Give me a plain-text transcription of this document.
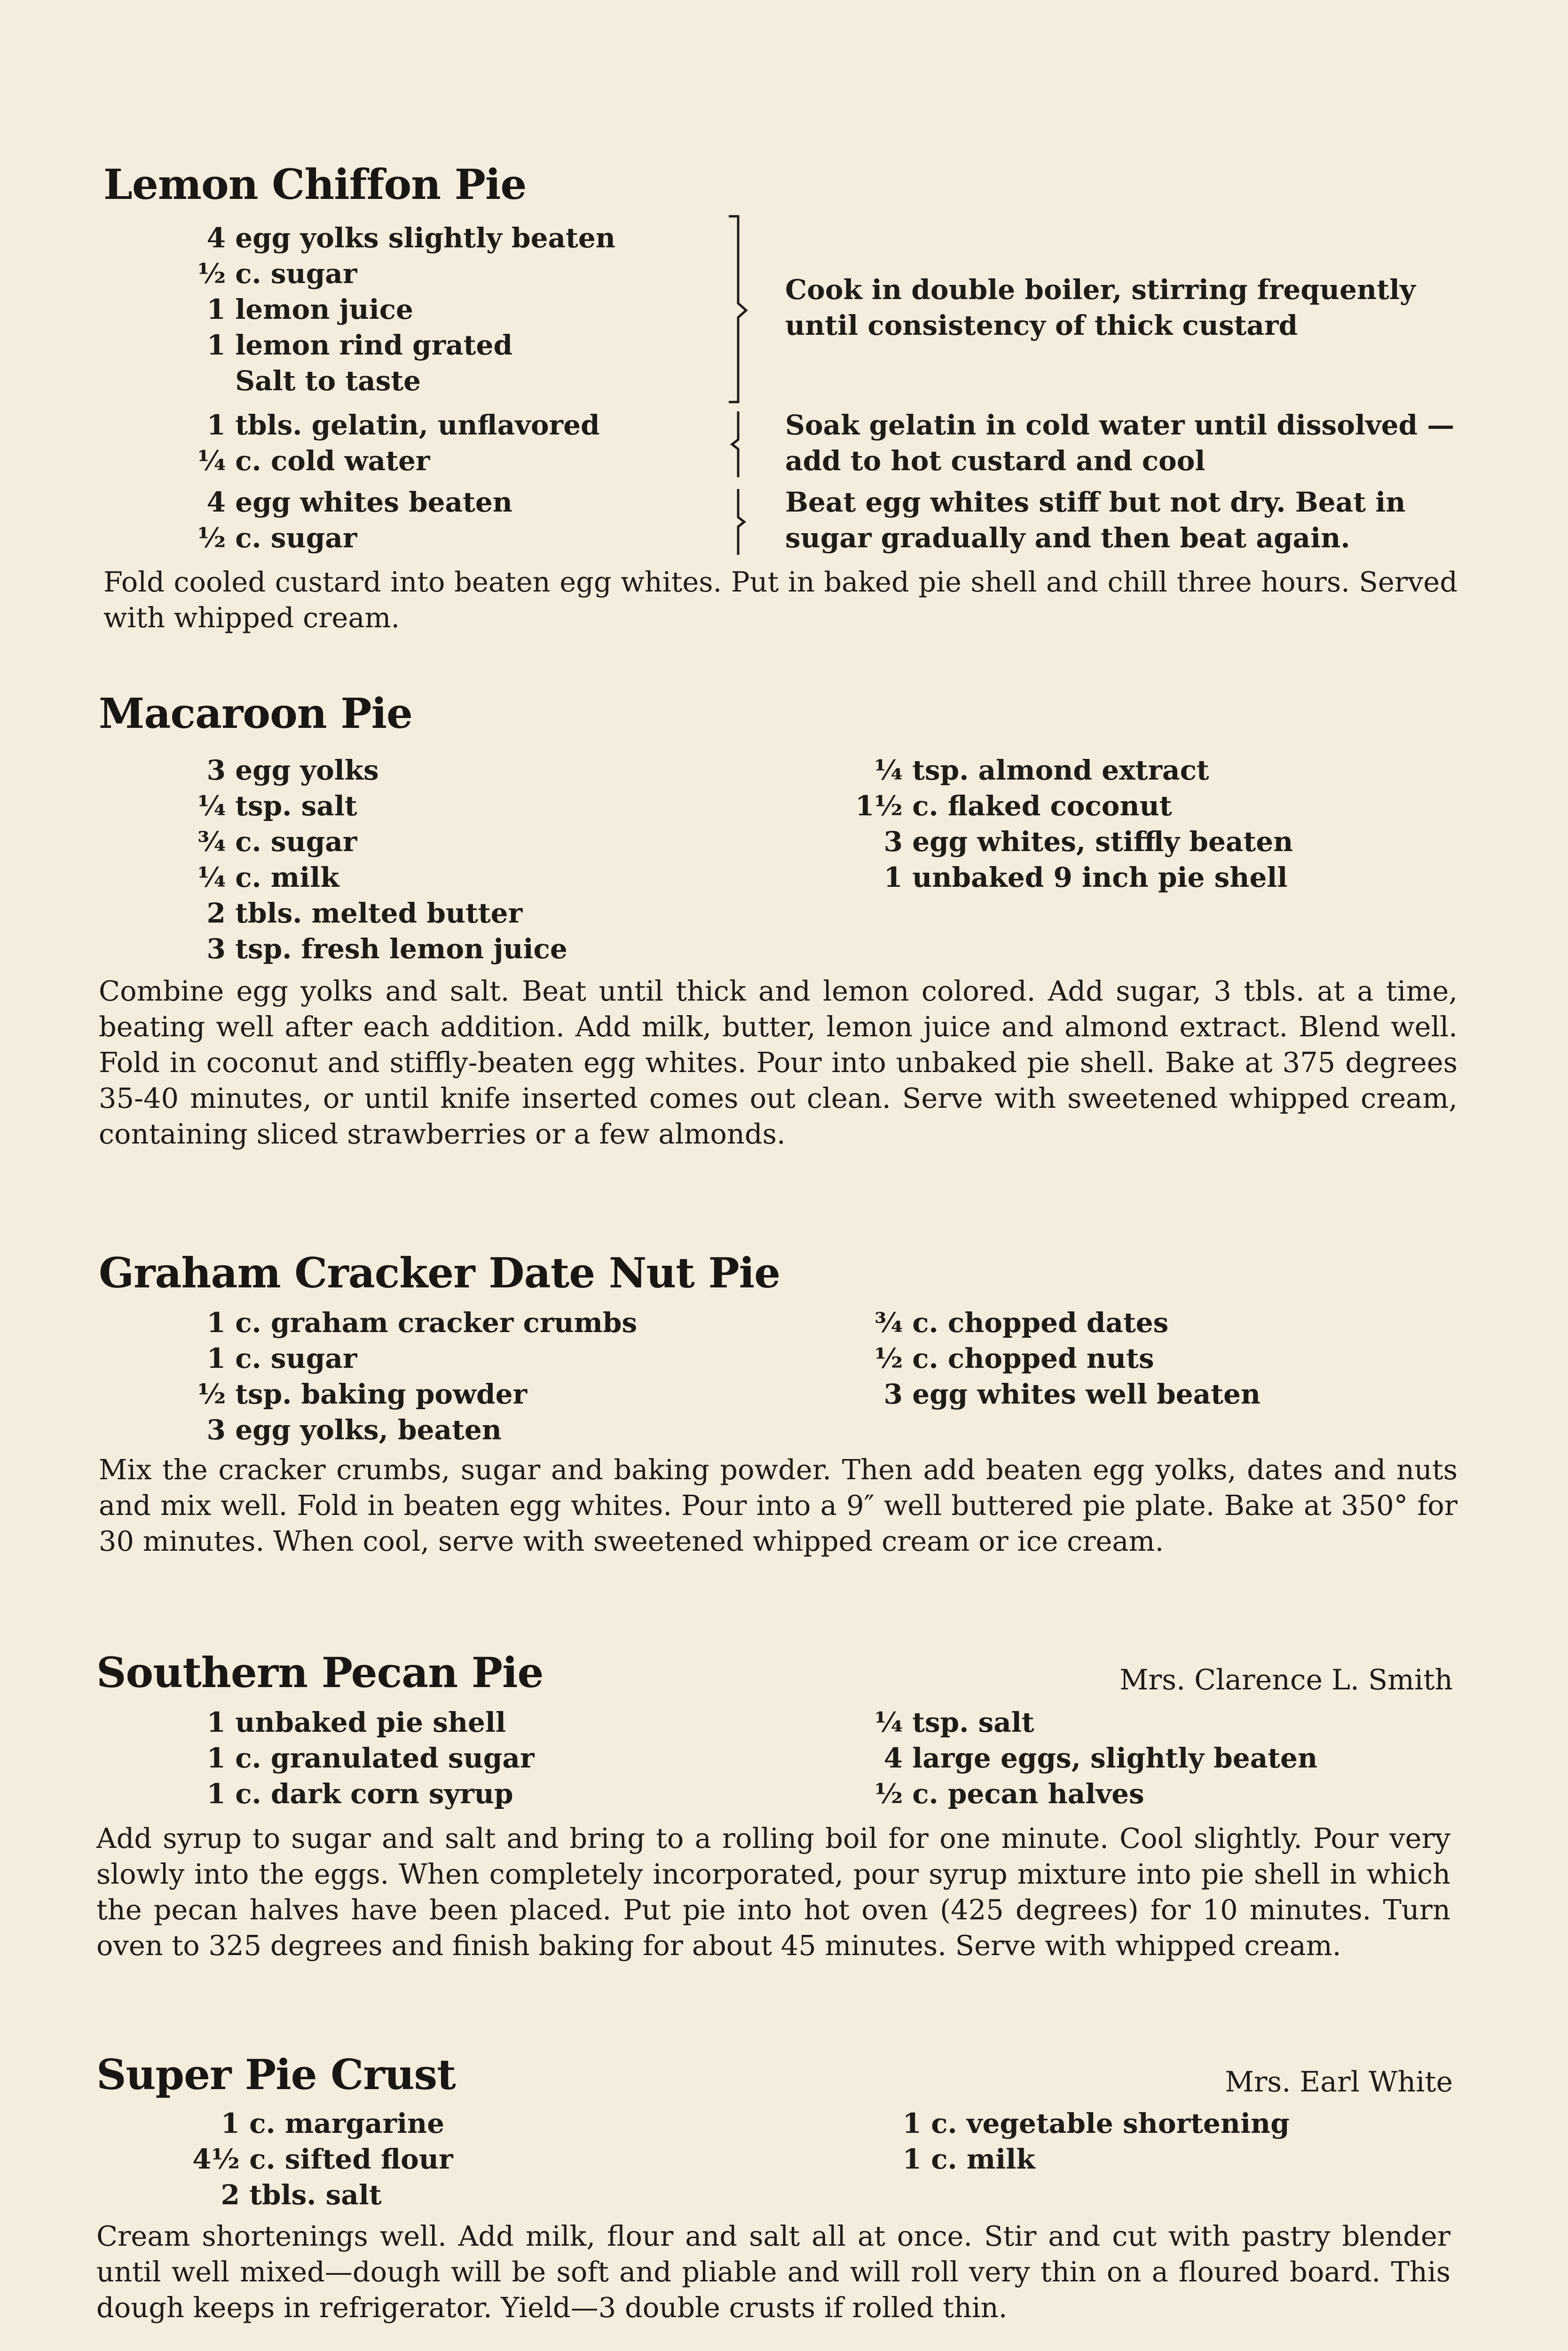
Lemon Chiffon Pie
4 egg yolks slightly beaten
½ c. sugar
1 lemon juice
1 lemon rind grated
Salt to taste
Cook in double boiler, stirring frequently until consistency of thick custard
1 tbls. gelatin, unflavored
¼ c. cold water
Soak gelatin in cold water until dissolved —add to hot custard and cool
4 egg whites beaten
½ c. sugar
Beat egg whites stiff but not dry. Beat in sugar gradually and then beat again.
Fold cooled custard into beaten egg whites. Put in baked pie shell and chill three hours. Served with whipped cream.
Macaroon Pie
3 egg yolks
¼ tsp. salt
¾ c. sugar
¼ c. milk
2 tbls. melted butter
3 tsp. fresh lemon juice
¼ tsp. almond extract
1½ c. flaked coconut
3 egg whites, stiffly beaten
1 unbaked 9 inch pie shell
Combine egg yolks and salt. Beat until thick and lemon colored. Add sugar, 3 tbls. at a time, beating well after each addition. Add milk, butter, lemon juice and almond extract. Blend well. Fold in coconut and stiffly-beaten egg whites. Pour into unbaked pie shell. Bake at 375 degrees 35-40 minutes, or until knife inserted comes out clean. Serve with sweetened whipped cream, containing sliced strawberries or a few almonds.
Graham Cracker Date Nut Pie
1 c. graham cracker crumbs
1 c. sugar
½ tsp. baking powder
3 egg yolks, beaten
¾ c. chopped dates
½ c. chopped nuts
3 egg whites well beaten
Mix the cracker crumbs, sugar and baking powder. Then add beaten egg yolks, dates and nuts and mix well. Fold in beaten egg whites. Pour into a 9″ well buttered pie plate. Bake at 350° for 30 minutes. When cool, serve with sweetened whipped cream or ice cream.
Southern Pecan Pie	Mrs. Clarence L. Smith
1 unbaked pie shell
1 c. granulated sugar
1 c. dark corn syrup
¼ tsp. salt
4 large eggs, slightly beaten
½ c. pecan halves
Add syrup to sugar and salt and bring to a rolling boil for one minute. Cool slightly. Pour very slowly into the eggs. When completely incorporated, pour syrup mixture into pie shell in which the pecan halves have been placed. Put pie into hot oven (425 degrees) for 10 minutes. Turn oven to 325 degrees and finish baking for about 45 minutes. Serve with whipped cream.
Super Pie Crust	Mrs. Earl White
1 c. margarine
4½ c. sifted flour
2 tbls. salt
1 c. vegetable shortening
1 c. milk
Cream shortenings well. Add milk, flour and salt all at once. Stir and cut with pastry blender until well mixed—dough will be soft and pliable and will roll very thin on a floured board. This dough keeps in refrigerator. Yield—3 double crusts if rolled thin.
